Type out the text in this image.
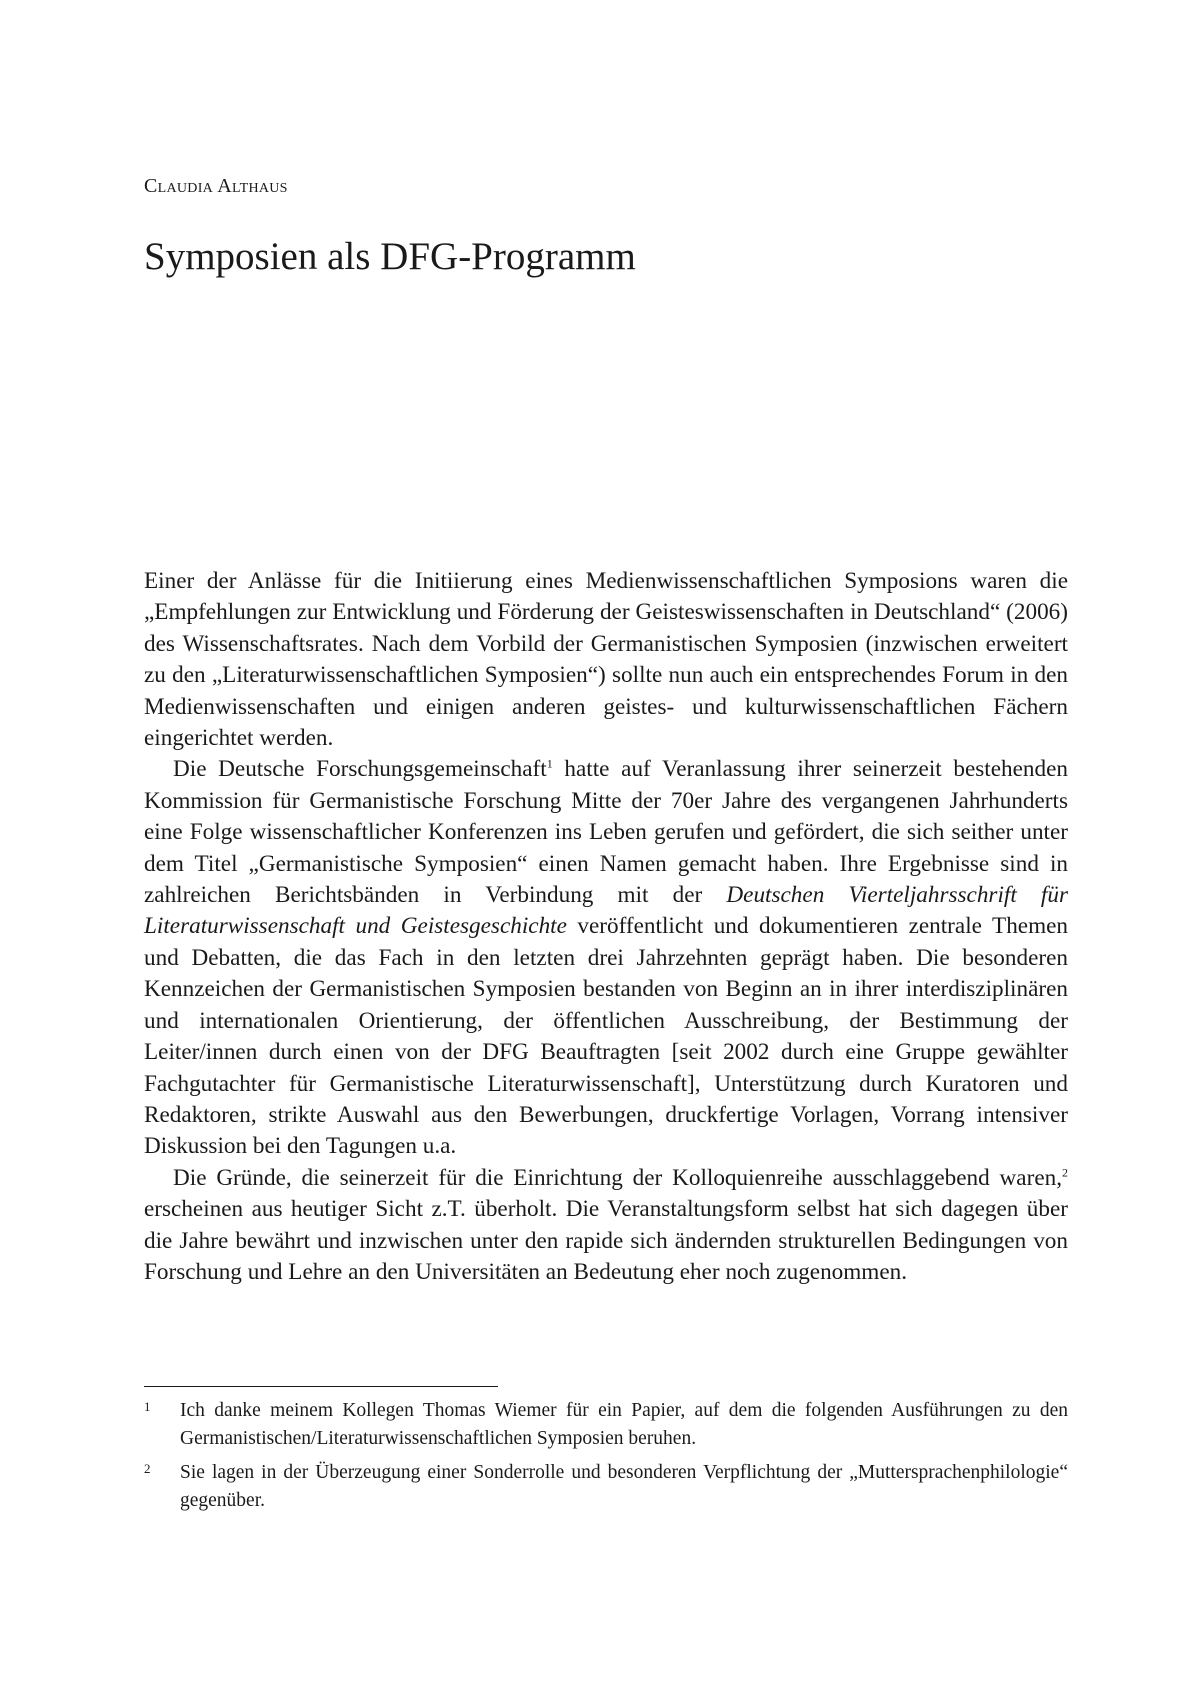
Claudia Althaus
Symposien als DFG-Programm

Einer der Anlässe für die Initiierung eines Medienwissenschaftlichen Symposions waren die „Empfehlungen zur Entwicklung und Förderung der Geisteswissenschaften in Deutschland“ (2006) des Wissenschaftsrates. Nach dem Vorbild der Germanistischen Symposien (inzwischen erweitert zu den „Literaturwissenschaftlichen Symposien“) sollte nun auch ein entsprechendes Forum in den Medienwissenschaften und einigen anderen geistes- und kulturwissenschaftlichen Fächern eingerichtet werden.

Die Deutsche Forschungsgemeinschaft$^1$ hatte auf Veranlassung ihrer seinerzeit bestehenden Kommission für Germanistische Forschung Mitte der 70er Jahre des vergangenen Jahrhunderts eine Folge wissenschaftlicher Konferenzen ins Leben gerufen und gefördert, die sich seither unter dem Titel „Germanistische Symposien“ einen Namen gemacht haben. Ihre Ergebnisse sind in zahlreichen Berichtsbänden in Verbindung mit der Deutschen Vierteljahrsschrift für Literaturwissenschaft und Geistesgeschichte veröffentlicht und dokumentieren zentrale Themen und Debatten, die das Fach in den letzten drei Jahrzehnten geprägt haben. Die besonderen Kennzeichen der Germanistischen Symposien bestanden von Beginn an in ihrer interdisziplinären und internationalen Orientierung, der öffentlichen Ausschreibung, der Bestimmung der Leiter/innen durch einen von der DFG Beauftragten [seit 2002 durch eine Gruppe gewählter Fachgutachter für Germanistische Literaturwissenschaft], Unterstützung durch Kuratoren und Redaktoren, strikte Auswahl aus den Bewerbungen, druckfertige Vorlagen, Vorrang intensiver Diskussion bei den Tagungen u.a.

Die Gründe, die seinerzeit für die Einrichtung der Kolloquienreihe ausschlaggebend waren,$^2$ erscheinen aus heutiger Sicht z.T. überholt. Die Veranstaltungsform selbst hat sich dagegen über die Jahre bewährt und inzwischen unter den rapide sich ändernden strukturellen Bedingungen von Forschung und Lehre an den Universitäten an Bedeutung eher noch zugenommen.

1 Ich danke meinem Kollegen Thomas Wiemer für ein Papier, auf dem die folgenden Ausführungen zu den Germanistischen/Literaturwissenschaftlichen Symposien beruhen.
2 Sie lagen in der Überzeugung einer Sonderrolle und besonderen Verpflichtung der „Muttersprachenphilologie“ gegenüber.
